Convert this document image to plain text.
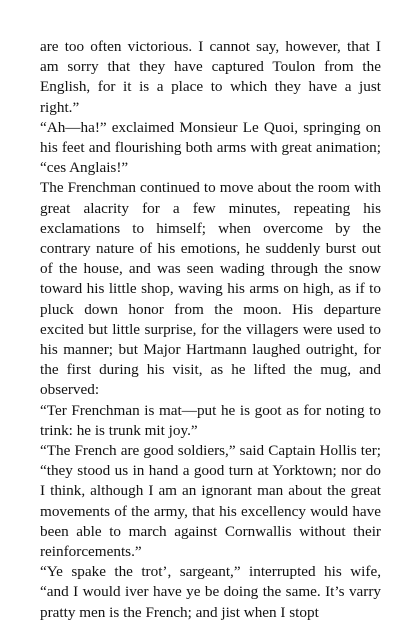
are too often victorious. I cannot say, however, that I am sorry that they have captured Toulon from the English, for it is a place to which they have a just right.”

“Ah—ha!” exclaimed Monsieur Le Quoi, springing on his feet and flourishing both arms with great animation; “ces Anglais!”

The Frenchman continued to move about the room with great alacrity for a few minutes, repeating his exclamations to himself; when overcome by the contrary nature of his emotions, he suddenly burst out of the house, and was seen wading through the snow toward his little shop, waving his arms on high, as if to pluck down honor from the moon. His departure excited but little surprise, for the villagers were used to his manner; but Major Hartmann laughed outright, for the first during his visit, as he lifted the mug, and observed:

“Ter Frenchman is mat—put he is goot as for noting to trink: he is trunk mit joy.”

“The French are good soldiers,” said Captain Hollis ter; “they stood us in hand a good turn at Yorktown; nor do I think, although I am an ignorant man about the great movements of the army, that his excellency would have been able to march against Cornwallis without their reinforcements.”

“Ye spake the trot’, sargeant,” interrupted his wife, “and I would iver have ye be doing the same. It’s varry pratty men is the French; and jist when I stopt
